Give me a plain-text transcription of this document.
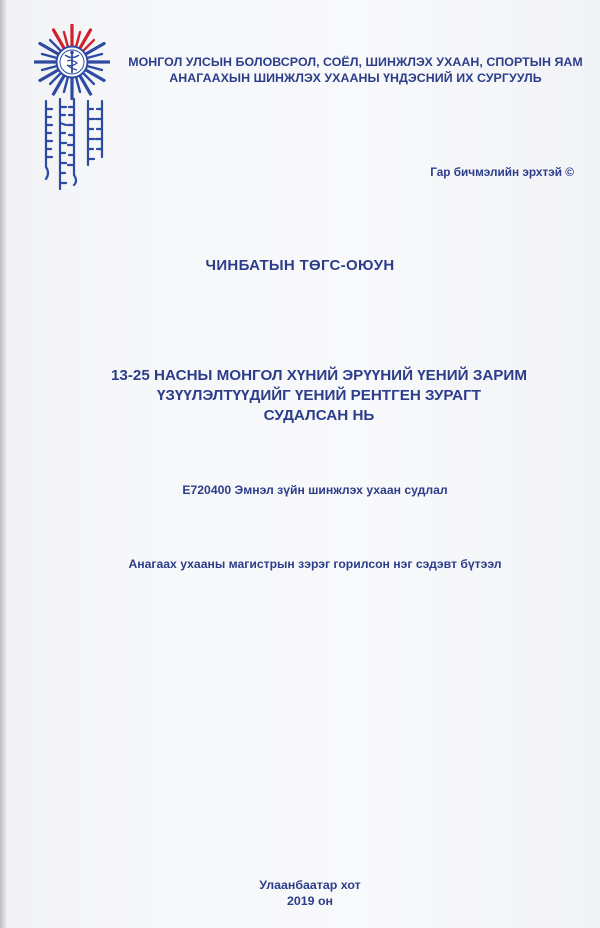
МОНГОЛ УЛСЫН БОЛОВСРОЛ, СОЁЛ, ШИНЖЛЭХ УХААН, СПОРТЫН ЯАМ
АНАГААХЫН ШИНЖЛЭХ УХААНЫ ҮНДЭСНИЙ ИХ СУРГУУЛЬ
Гар бичмэлийн эрхтэй ©
ЧИНБАТЫН ТӨГС-ОЮУН
13-25 НАСНЫ МОНГОЛ ХҮНИЙ ЭРҮҮНИЙ ҮЕНИЙ ЗАРИМ
ҮЗҮҮЛЭЛТҮҮДИЙГ ҮЕНИЙ РЕНТГЕН ЗУРАГТ
СУДАЛСАН НЬ
E720400 Эмнэл зүйн шинжлэх ухаан судлал
Анагаах ухааны магистрын зэрэг горилсон нэг сэдэвт бүтээл
Улаанбаатар хот
2019 он
